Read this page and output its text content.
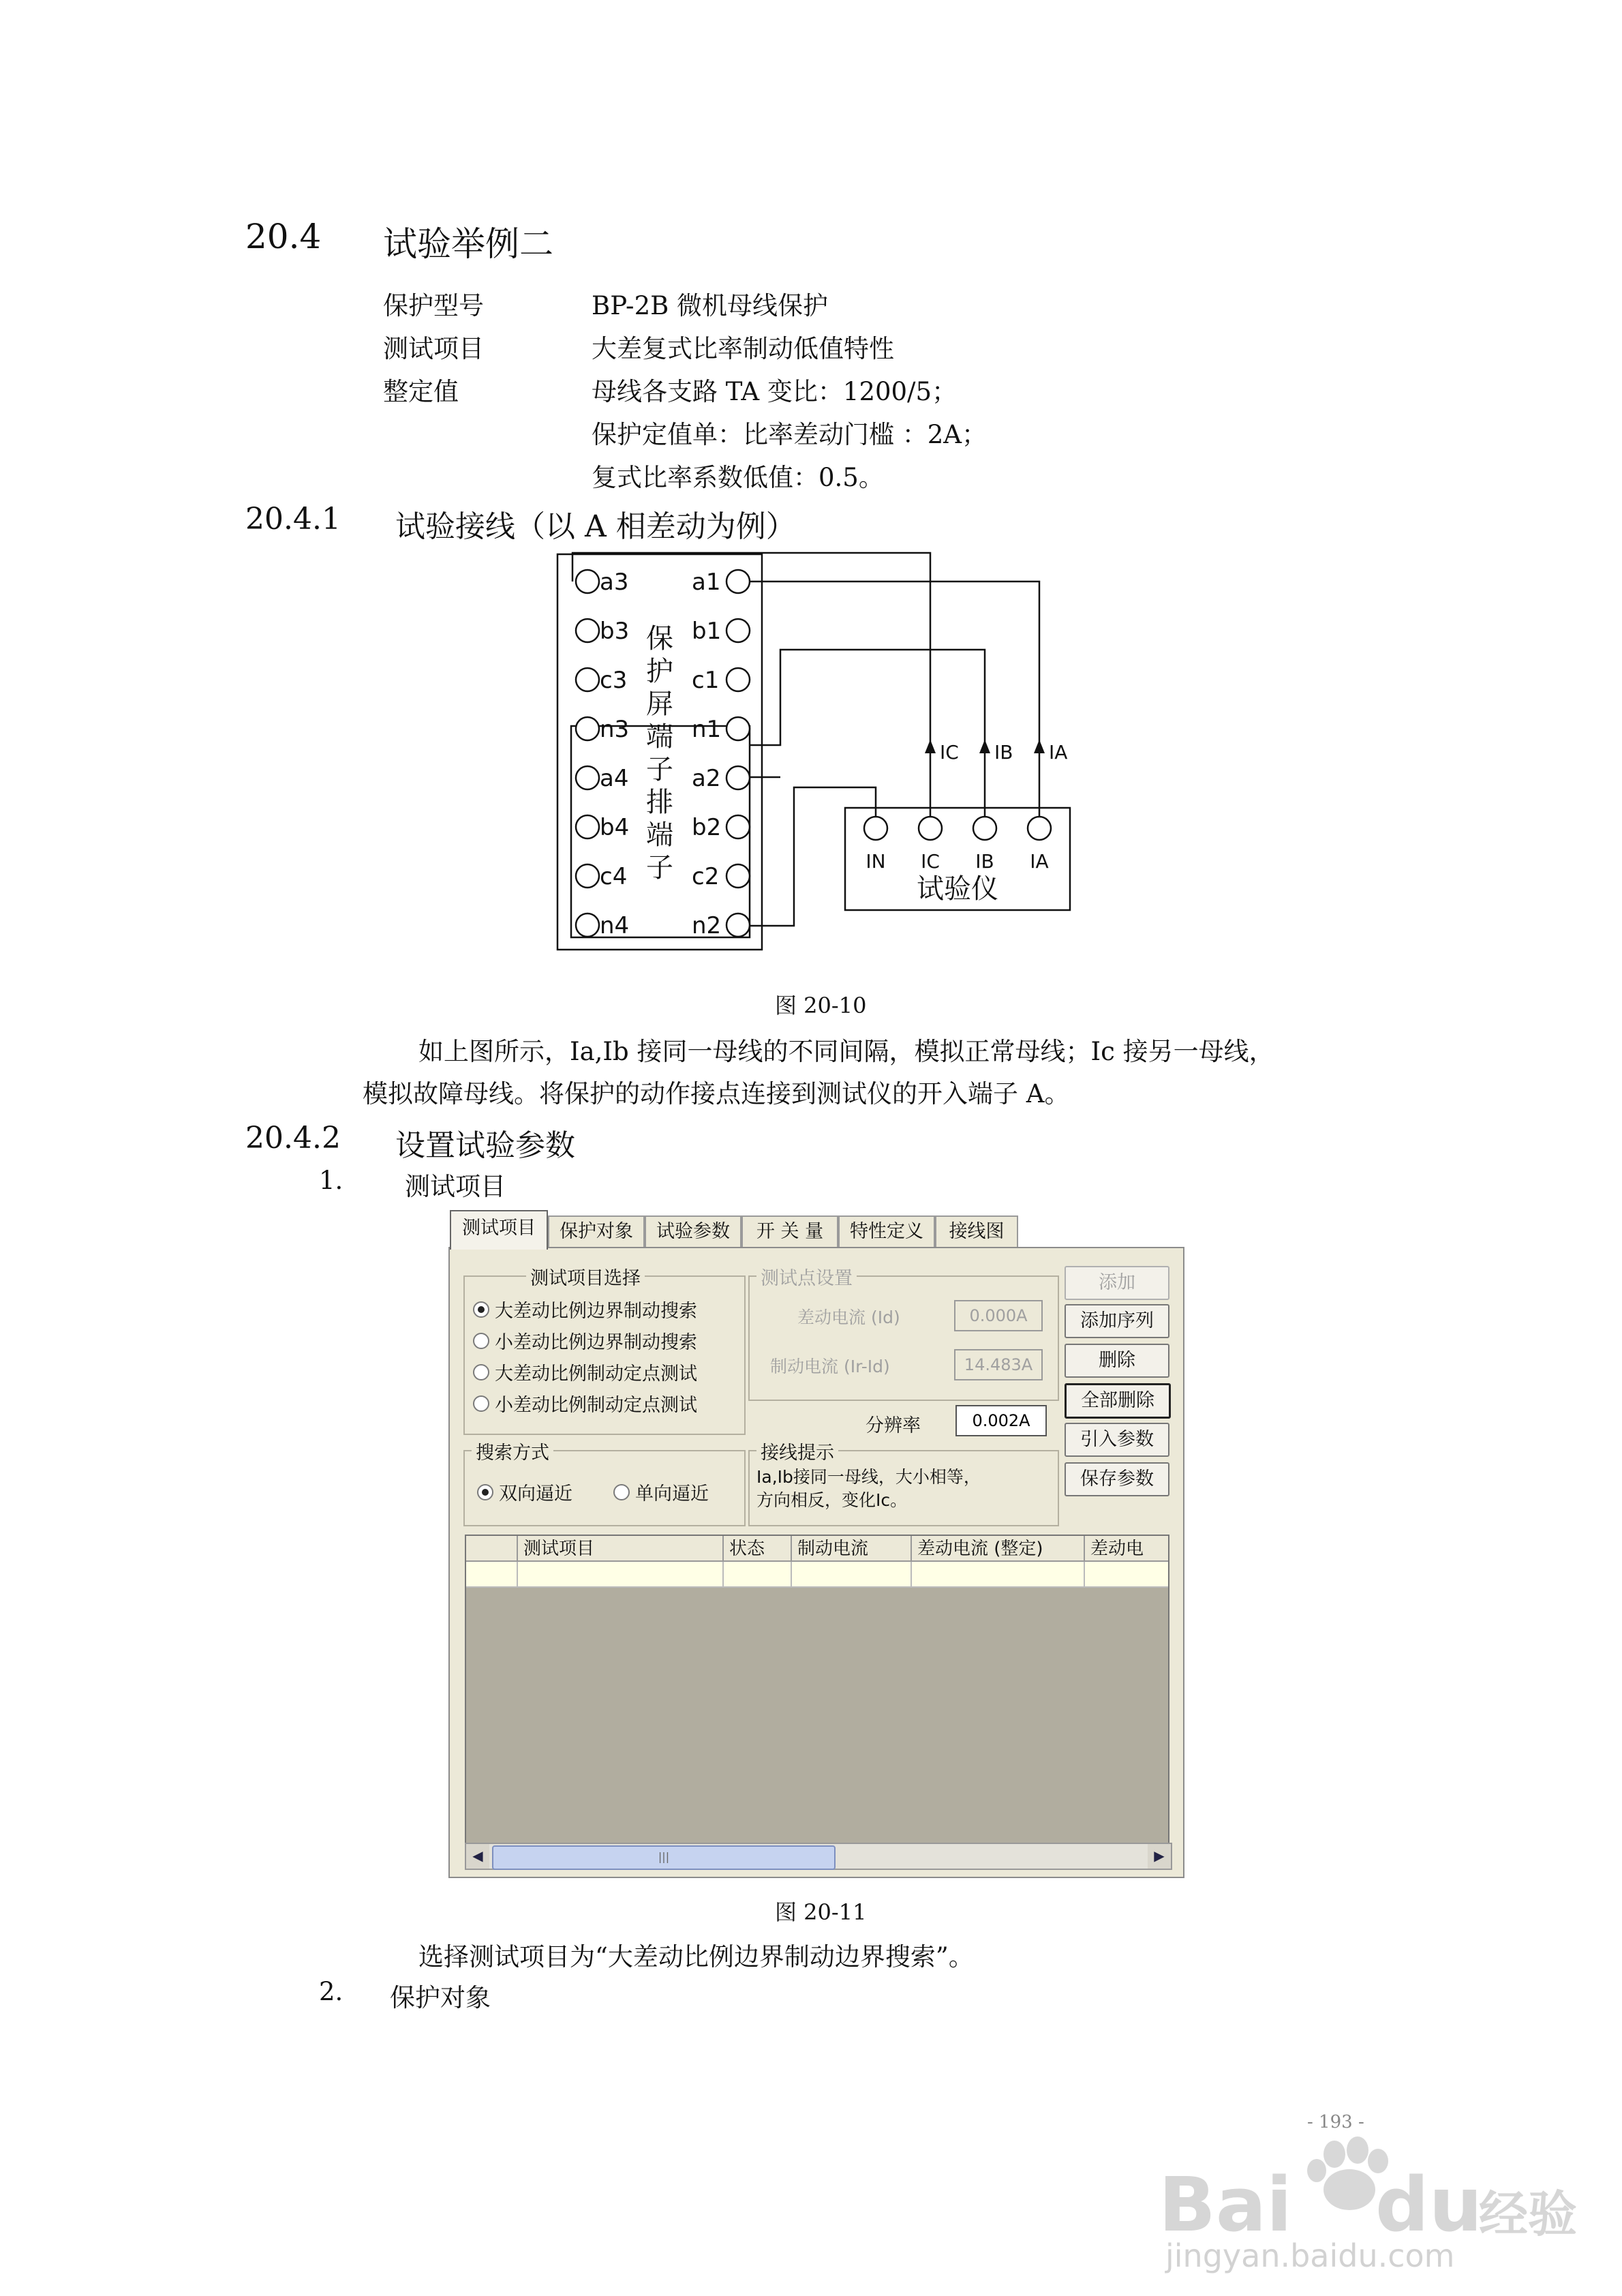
20.4 试验举例二
保护型号	BP-2B 微机母线保护
测试项目	大差复式比率制动低值特性
整定值	母线各支路 TA 变比：1200/5；
保护定值单：比率差动门槛 ：2A；
复式比率系数低值：0.5。
20.4.1 试验接线（以 A 相差动为例）
a3
b3
c3
n3
a4
b4
c4
n4
a1
b1
c1
n1
a2
b2
c2
n2
保
护
屏
端
子
排
端
子	IN IC IB IA
IC IB IA
试验仪
图 20-10
如上图所示，Ia,Ib 接同一母线的不同间隔，模拟正常母线；Ic 接另一母线，
模拟故障母线。将保护的动作接点连接到测试仪的开入端子 A。
20.4.2 设置试验参数
1. 测试项目
测试项目	保护对象	试验参数	开 关 量	特性定义	接线图
测试项目选择
大差动比例边界制动搜索
小差动比例边界制动搜索
大差动比例制动定点测试
小差动比例制动定点测试
测试点设置
差动电流 (Id)	0.000A
制动电流 (Ir-Id)	14.483A
分辨率	0.002A
搜索方式
双向逼近	单向逼近
接线提示
Ia,Ib接同一母线，大小相等，
方向相反，变化Ic。
添加
添加序列
删除
全部删除
引入参数
保存参数
测试项目	状态	制动电流	差动电流 (整定)	差动电
◀	|||	▶
图 20-11
选择测试项目为“大差动比例边界制动边界搜索”。
2. 保护对象
- 193 -
Bai du
经验
jingyan.baidu.com
